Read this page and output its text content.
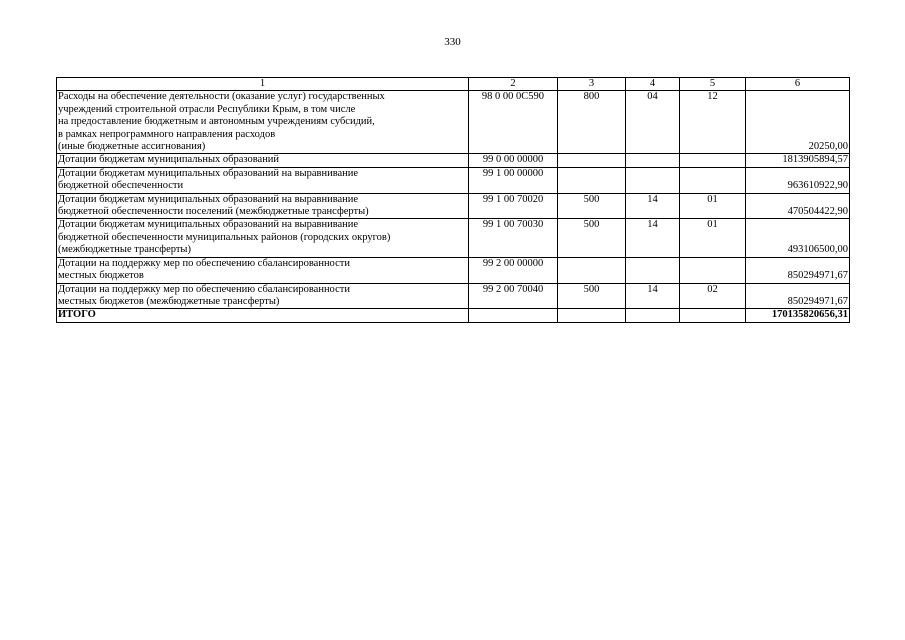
330
1	2	3	4	5	6

Расходы на обеспечение деятельности (оказание услуг) государственных
учреждений строительной отрасли Республики Крым, в том числе
на предоставление бюджетным и автономным учреждениям субсидий,
в рамках непрограммного направления расходов
(иные бюджетные ассигнования)	98 0 00 0С590	800	04	12	20250,00

Дотации бюджетам муниципальных образований	99 0 00 00000				1813905894,57

Дотации бюджетам муниципальных образований на выравнивание
бюджетной обеспеченности	99 1 00 00000				963610922,90

Дотации бюджетам муниципальных образований на выравнивание
бюджетной обеспеченности поселений (межбюджетные трансферты)	99 1 00 70020	500	14	01	470504422,90

Дотации бюджетам муниципальных образований на выравнивание
бюджетной обеспеченности муниципальных районов (городских округов)
(межбюджетные трансферты)	99 1 00 70030	500	14	01	493106500,00

Дотации на поддержку мер по обеспечению сбалансированности
местных бюджетов	99 2 00 00000				850294971,67

Дотации на поддержку мер по обеспечению сбалансированности
местных бюджетов (межбюджетные трансферты)	99 2 00 70040	500	14	02	850294971,67
ИТОГО					170135820656,31
